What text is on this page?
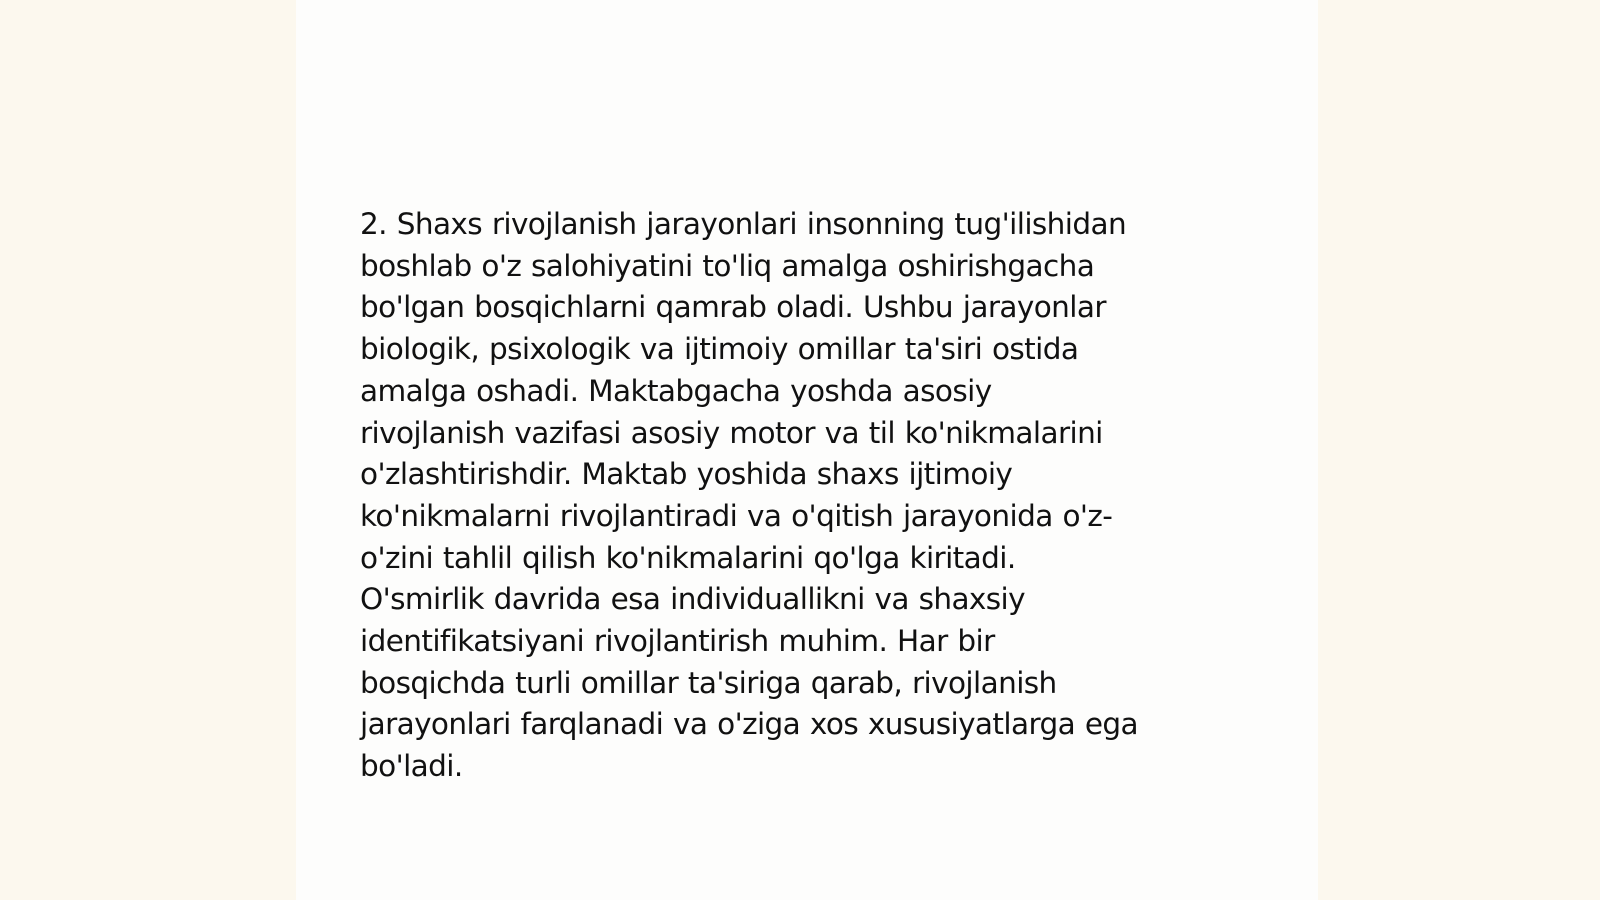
2. Shaxs rivojlanish jarayonlari insonning tug'ilishidan
boshlab o'z salohiyatini to'liq amalga oshirishgacha
bo'lgan bosqichlarni qamrab oladi. Ushbu jarayonlar
biologik, psixologik va ijtimoiy omillar ta'siri ostida
amalga oshadi. Maktabgacha yoshda asosiy
rivojlanish vazifasi asosiy motor va til ko'nikmalarini
o'zlashtirishdir. Maktab yoshida shaxs ijtimoiy
ko'nikmalarni rivojlantiradi va o'qitish jarayonida o'z-
o'zini tahlil qilish ko'nikmalarini qo'lga kiritadi.
O'smirlik davrida esa individuallikni va shaxsiy
identifikatsiyani rivojlantirish muhim. Har bir
bosqichda turli omillar ta'siriga qarab, rivojlanish
jarayonlari farqlanadi va o'ziga xos xususiyatlarga ega
bo'ladi.
